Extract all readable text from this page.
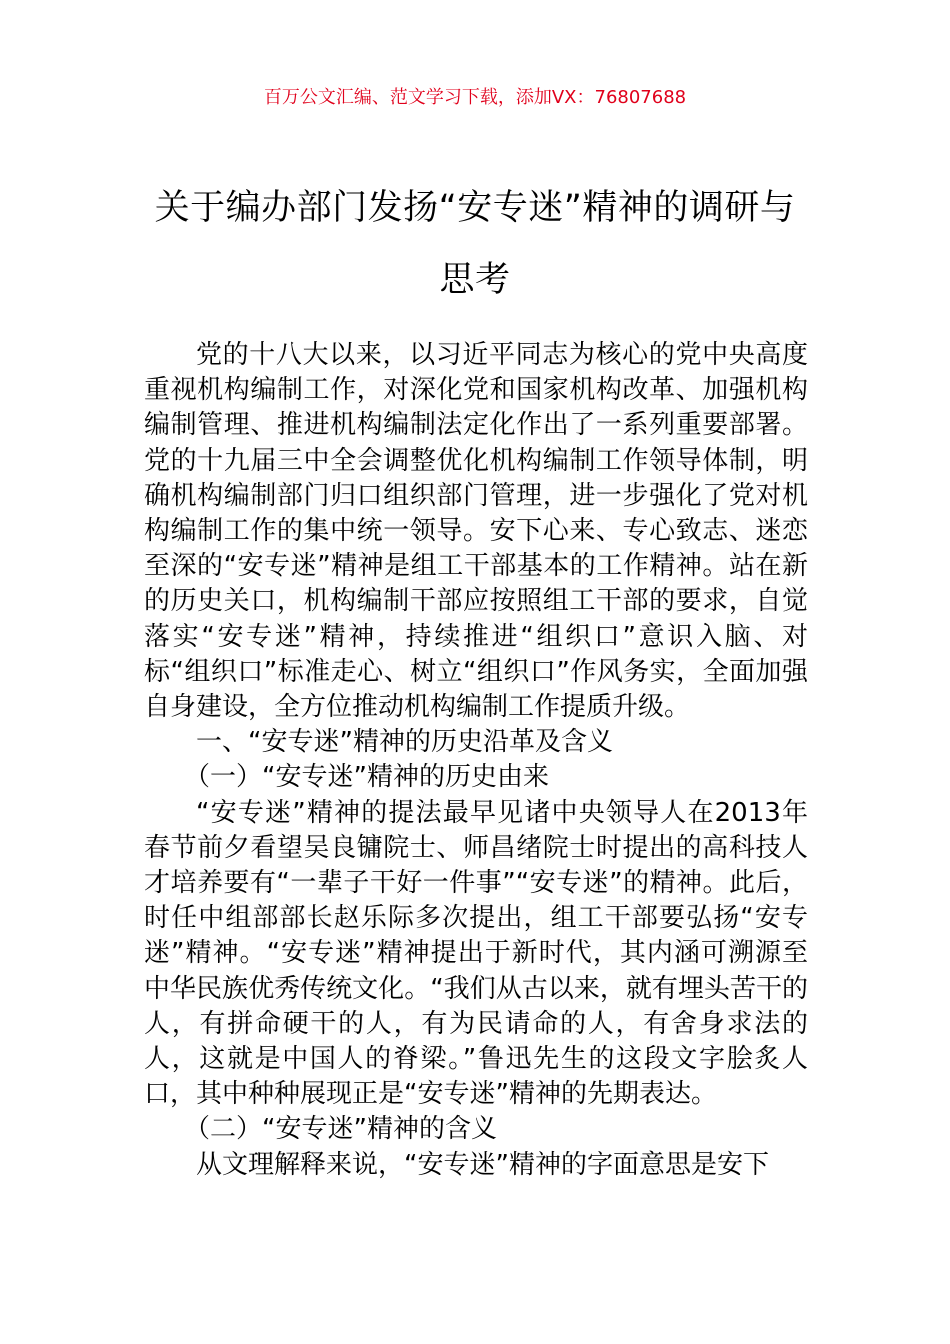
百万公文汇编、范文学习下载，添加VX：76807688
关于编办部门发扬“安专迷”精神的调研与思考

党的十八大以来，以习近平同志为核心的党中央高度重视机构编制工作，对深化党和国家机构改革、加强机构编制管理、推进机构编制法定化作出了一系列重要部署。党的十九届三中全会调整优化机构编制工作领导体制，明确机构编制部门归口组织部门管理，进一步强化了党对机构编制工作的集中统一领导。安下心来、专心致志、迷恋至深的“安专迷”精神是组工干部基本的工作精神。站在新的历史关口，机构编制干部应按照组工干部的要求，自觉落实“安专迷”精神，持续推进“组织口”意识入脑、对标“组织口”标准走心、树立“组织口”作风务实，全面加强自身建设，全方位推动机构编制工作提质升级。

一、“安专迷”精神的历史沿革及含义

（一）“安专迷”精神的历史由来

“安专迷”精神的提法最早见诸中央领导人在2013年春节前夕看望吴良镛院士、师昌绪院士时提出的高科技人才培养要有“一辈子干好一件事”“安专迷”的精神。此后，时任中组部部长赵乐际多次提出，组工干部要弘扬“安专迷”精神。“安专迷”精神提出于新时代，其内涵可溯源至中华民族优秀传统文化。“我们从古以来，就有埋头苦干的人，有拼命硬干的人，有为民请命的人，有舍身求法的人，这就是中国人的脊梁。”鲁迅先生的这段文字脍炙人口，其中种种展现正是“安专迷”精神的先期表达。

（二）“安专迷”精神的含义

从文理解释来说，“安专迷”精神的字面意思是安下
